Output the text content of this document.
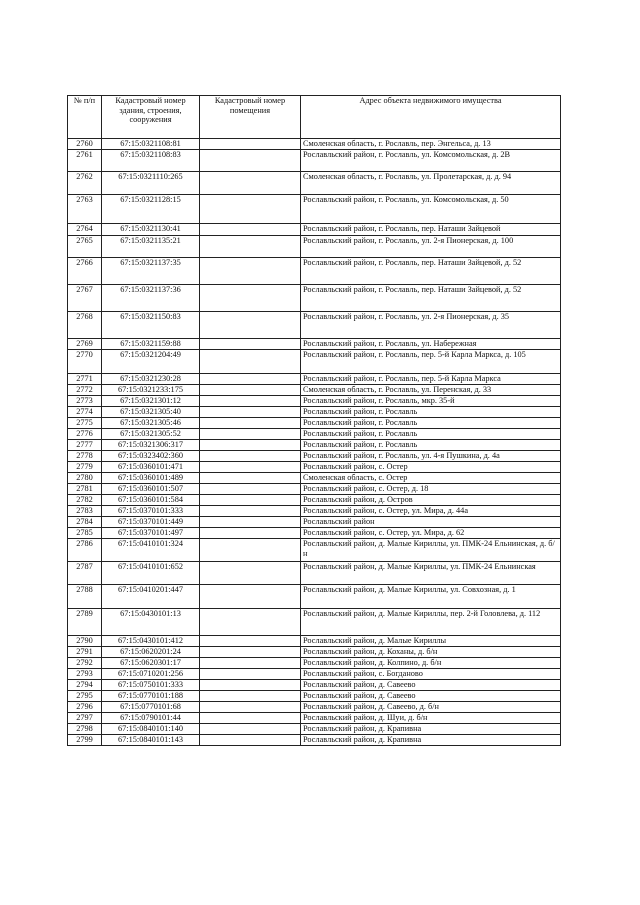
№ п/п	Кадастровый номер здания, строения, сооружения	Кадастровый номер помещения	Адрес объекта недвижимого имущества
2760	67:15:0321108:81		Смоленская область, г. Рославль, пер. Энгельса, д. 13
2761	67:15:0321108:83		Рославльский район, г. Рославль, ул. Комсомольская, д. 2В
2762	67:15:0321110:265		Смоленская область, г. Рославль, ул. Пролетарская, д. д. 94
2763	67:15:0321128:15		Рославльский район, г. Рославль, ул. Комсомольская, д. 50
2764	67:15:0321130:41		Рославльский район, г. Рославль, пер. Наташи Зайцевой
2765	67:15:0321135:21		Рославльский район, г. Рославль, ул. 2-я Пионерская, д. 100
2766	67:15:0321137:35		Рославльский район, г. Рославль, пер. Наташи Зайцевой, д. 52
2767	67:15:0321137:36		Рославльский район, г. Рославль, пер. Наташи Зайцевой, д. 52
2768	67:15:0321150:83		Рославльский район, г. Рославль, ул. 2-я Пионерская, д. 35
2769	67:15:0321159:88		Рославльский район, г. Рославль, ул. Набережная
2770	67:15:0321204:49		Рославльский район, г. Рославль, пер. 5-й Карла Маркса, д. 105
2771	67:15:0321230:28		Рославльский район, г. Рославль, пер. 5-й Карла Маркса
2772	67:15:0321233:175		Смоленская область, г. Рославль, ул. Перенская, д. 33
2773	67:15:0321301:12		Рославльский район, г. Рославль, мкр. 35-й
2774	67:15:0321305:40		Рославльский район, г. Рославль
2775	67:15:0321305:46		Рославльский район, г. Рославль
2776	67:15:0321305:52		Рославльский район, г. Рославль
2777	67:15:0321306:317		Рославльский район, г. Рославль
2778	67:15:0323402:360		Рославльский район, г. Рославль, ул. 4-я Пушкина, д. 4а
2779	67:15:0360101:471		Рославльский район, с. Остер
2780	67:15:0360101:489		Смоленская область, с. Остер
2781	67:15:0360101:507		Рославльский район, с. Остер, д. 18
2782	67:15:0360101:584		Рославльский район, д. Остров
2783	67:15:0370101:333		Рославльский район, с. Остер, ул. Мира, д. 44а
2784	67:15:0370101:449		Рославльский район
2785	67:15:0370101:497		Рославльский район, с. Остер, ул. Мира, д. 62
2786	67:15:0410101:324		Рославльский район, д. Малые Кириллы, ул. ПМК-24 Ельнинская, д. б/н
2787	67:15:0410101:652		Рославльский район, д. Малые Кириллы, ул. ПМК-24 Ельнинская
2788	67:15:0410201:447		Рославльский район, д. Малые Кириллы, ул. Совхозная, д. 1
2789	67:15:0430101:13		Рославльский район, д. Малые Кириллы, пер. 2-й Головлева, д. 112
2790	67:15:0430101:412		Рославльский район, д. Малые Кириллы
2791	67:15:0620201:24		Рославльский район, д. Коханы, д. б/н
2792	67:15:0620301:17		Рославльский район, д. Колпино, д. б/н
2793	67:15:0710201:256		Рославльский район, с. Богданово
2794	67:15:0750101:333		Рославльский район, д. Савеево
2795	67:15:0770101:188		Рославльский район, д. Савеево
2796	67:15:0770101:68		Рославльский район, д. Савеево, д. б/н
2797	67:15:0790101:44		Рославльский район, д. Шуи, д. б/н
2798	67:15:0840101:140		Рославльский район, д. Крапивна
2799	67:15:0840101:143		Рославльский район, д. Крапивна
